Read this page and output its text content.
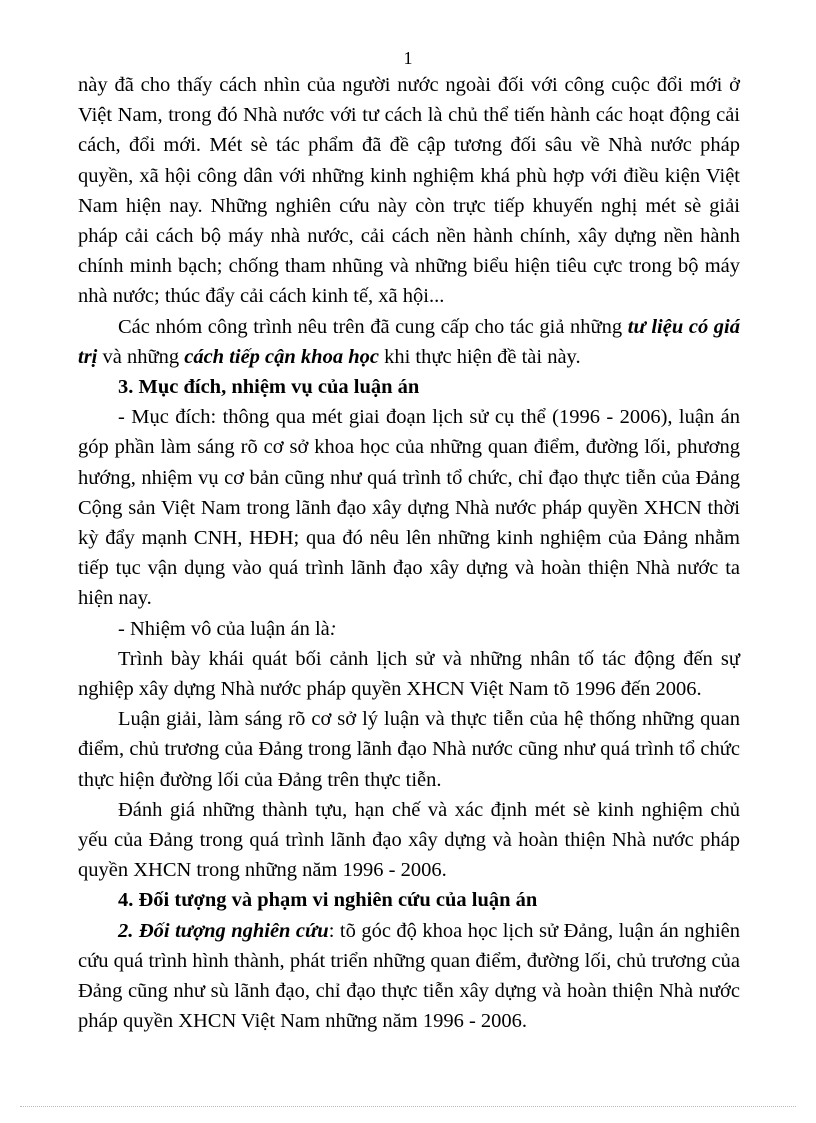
1

này đã cho thấy cách nhìn của người nước ngoài đối với công cuộc đổi mới ở Việt Nam, trong đó Nhà nước với tư cách là chủ thể tiến hành các hoạt động cải cách, đổi mới. Mét sè tác phẩm đã đề cập tương đối sâu về Nhà nước pháp quyền, xã hội công dân với những kinh nghiệm khá phù hợp với điều kiện Việt Nam hiện nay. Những nghiên cứu này còn trực tiếp khuyến nghị mét sè giải pháp cải cách bộ máy nhà nước, cải cách nền hành chính, xây dựng nền hành chính minh bạch; chống tham nhũng và những biểu hiện tiêu cực trong bộ máy nhà nước; thúc đẩy cải cách kinh tế, xã hội...

Các nhóm công trình nêu trên đã cung cấp cho tác giả những tư liệu có giá trị và những cách tiếp cận khoa học khi thực hiện đề tài này.

3. Mục đích, nhiệm vụ của luận án

- Mục đích: thông qua mét giai đoạn lịch sử cụ thể (1996 - 2006), luận án góp phần làm sáng rõ cơ sở khoa học của những quan điểm, đường lối, phương hướng, nhiệm vụ cơ bản cũng như quá trình tổ chức, chỉ đạo thực tiễn của Đảng Cộng sản Việt Nam trong lãnh đạo xây dựng Nhà nước pháp quyền XHCN thời kỳ đẩy mạnh CNH, HĐH; qua đó nêu lên những kinh nghiệm của Đảng nhằm tiếp tục vận dụng vào quá trình lãnh đạo xây dựng và hoàn thiện Nhà nước ta hiện nay.

- Nhiệm vô của luận án là:

Trình bày khái quát bối cảnh lịch sử và những nhân tố tác động đến sự nghiệp xây dựng Nhà nước pháp quyền XHCN Việt Nam tõ 1996 đến 2006.

Luận giải, làm sáng rõ cơ sở lý luận và thực tiễn của hệ thống những quan điểm, chủ trương của Đảng trong lãnh đạo Nhà nước cũng như quá trình tổ chức thực hiện đường lối của Đảng trên thực tiễn.

Đánh giá những thành tựu, hạn chế và xác định mét sè kinh nghiệm chủ yếu của Đảng trong quá trình lãnh đạo xây dựng và hoàn thiện Nhà nước pháp quyền XHCN trong những năm 1996 - 2006.

4. Đối tượng và phạm vi nghiên cứu của luận án

2. Đối tượng nghiên cứu: tõ góc độ khoa học lịch sử Đảng, luận án nghiên cứu quá trình hình thành, phát triển những quan điểm, đường lối, chủ trương của Đảng cũng như sù lãnh đạo, chỉ đạo thực tiễn xây dựng và hoàn thiện Nhà nước pháp quyền XHCN Việt Nam những năm 1996 - 2006.
